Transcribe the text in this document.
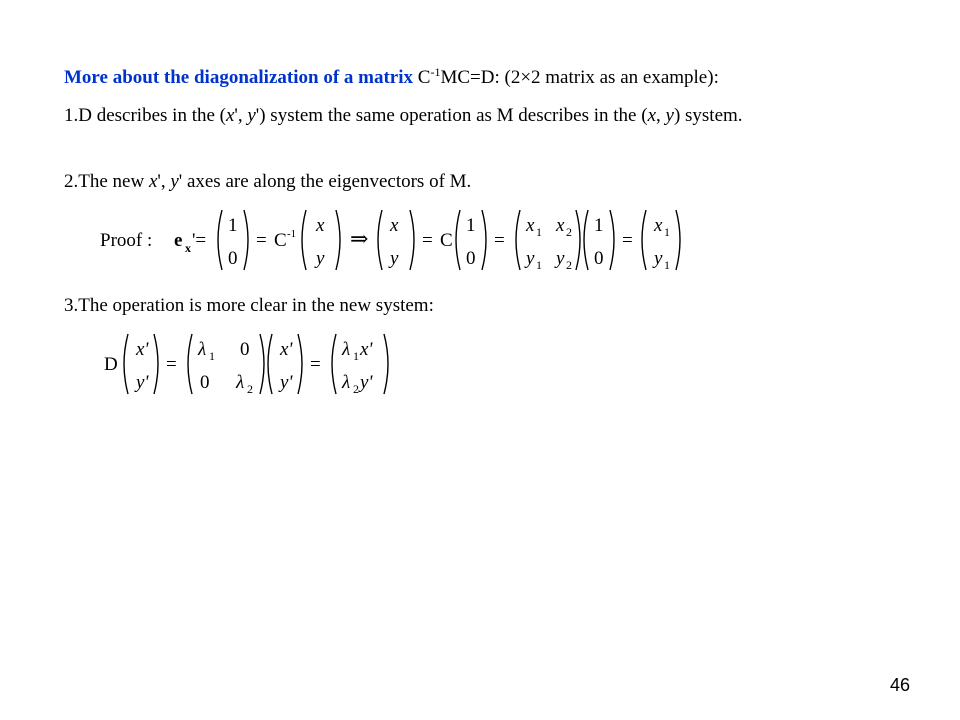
More about the diagonalization of a matrix $C^{-1}MC=D$: (2×2 matrix as an example):

1.D describes in the (x', y') system the same operation as M describes in the (x, y) system.

2.The new x', y' axes are along the eigenvectors of M.

Proof : e x '=
1
0
= C -1 x
y
⇒
x
y
= C
1
0
=
x 1
y 1
x 2
y 2
1
0
=
x 1
y 1

3.The operation is more clear in the new system:

D
x'
y'
=
λ 1 0
0 λ 2
x'
y'
=
λ 1 x'
λ 2 y'
46
